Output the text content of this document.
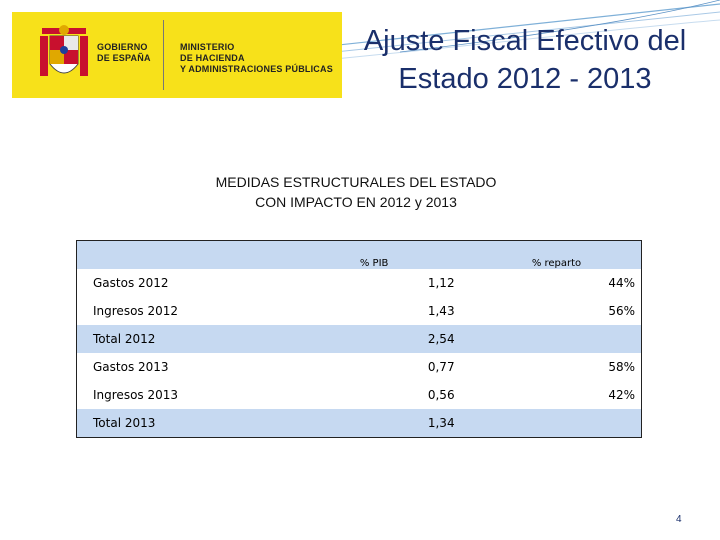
GOBIERNO
DE ESPAÑA
MINISTERIO
DE HACIENDA
Y ADMINISTRACIONES PÚBLICAS
Ajuste Fiscal Efectivo del
Estado 2012 - 2013
MEDIDAS ESTRUCTURALES DEL ESTADO
CON IMPACTO EN 2012 y 2013
	% PIB		% reparto
Gastos 2012	1,12		44%
Ingresos 2012	1,43		56%
Total 2012	2,54		
Gastos 2013	0,77		58%
Ingresos 2013	0,56		42%
Total 2013	1,34		
4
